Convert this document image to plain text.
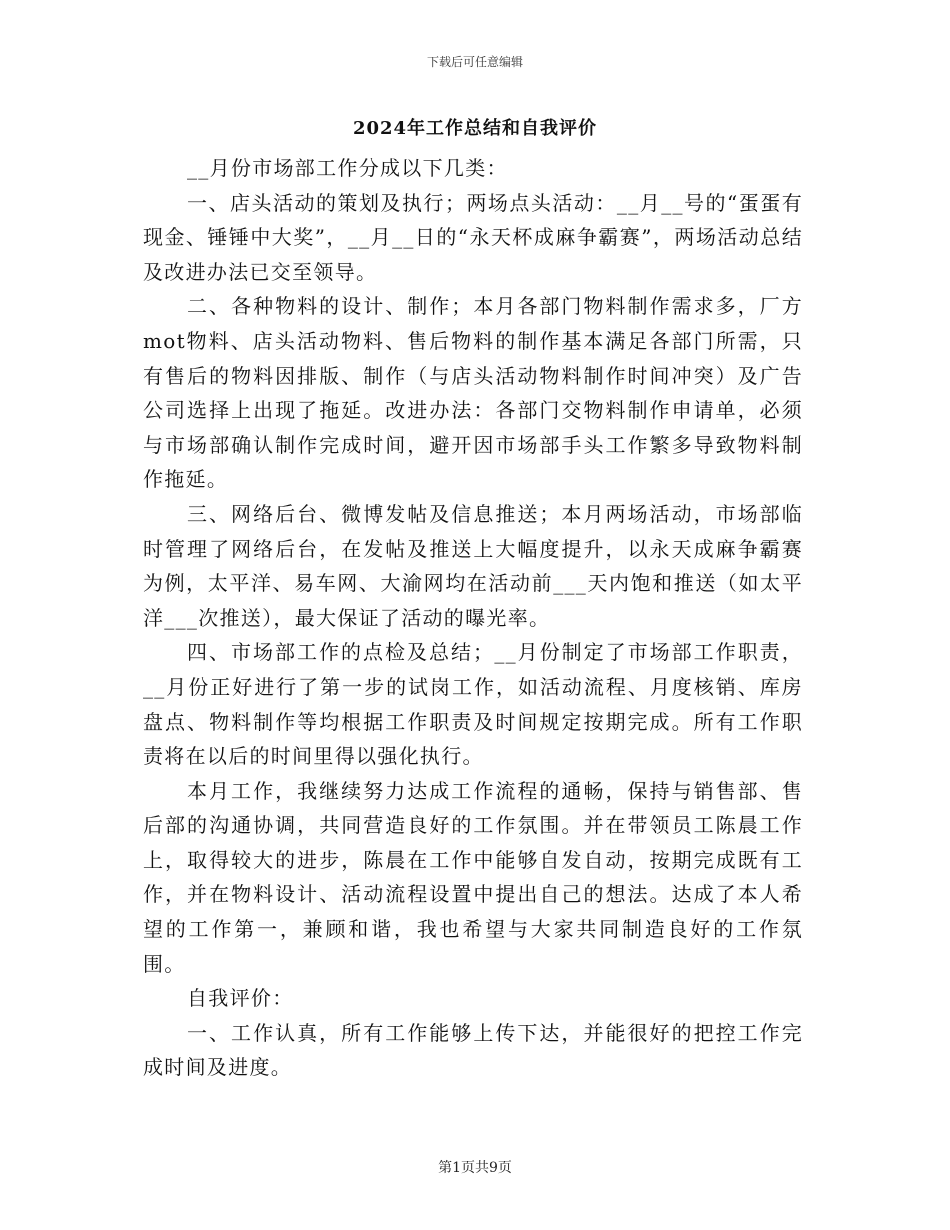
下载后可任意编辑
2024年工作总结和自我评价

__月份市场部工作分成以下几类：

一、店头活动的策划及执行；两场点头活动：__月__号的“蛋蛋有现金、锤锤中大奖”，__月__日的“永天杯成麻争霸赛”，两场活动总结及改进办法已交至领导。

二、各种物料的设计、制作；本月各部门物料制作需求多，厂方mot物料、店头活动物料、售后物料的制作基本满足各部门所需，只有售后的物料因排版、制作（与店头活动物料制作时间冲突）及广告公司选择上出现了拖延。改进办法：各部门交物料制作申请单，必须与市场部确认制作完成时间，避开因市场部手头工作繁多导致物料制作拖延。

三、网络后台、微博发帖及信息推送；本月两场活动，市场部临时管理了网络后台，在发帖及推送上大幅度提升，以永天成麻争霸赛为例，太平洋、易车网、大渝网均在活动前___天内饱和推送（如太平洋___次推送），最大保证了活动的曝光率。

四、市场部工作的点检及总结；__月份制定了市场部工作职责，__月份正好进行了第一步的试岗工作，如活动流程、月度核销、库房盘点、物料制作等均根据工作职责及时间规定按期完成。所有工作职责将在以后的时间里得以强化执行。

本月工作，我继续努力达成工作流程的通畅，保持与销售部、售后部的沟通协调，共同营造良好的工作氛围。并在带领员工陈晨工作上，取得较大的进步，陈晨在工作中能够自发自动，按期完成既有工作，并在物料设计、活动流程设置中提出自己的想法。达成了本人希望的工作第一，兼顾和谐，我也希望与大家共同制造良好的工作氛围。

自我评价：

一、工作认真，所有工作能够上传下达，并能很好的把控工作完成时间及进度。

第1页共9页
